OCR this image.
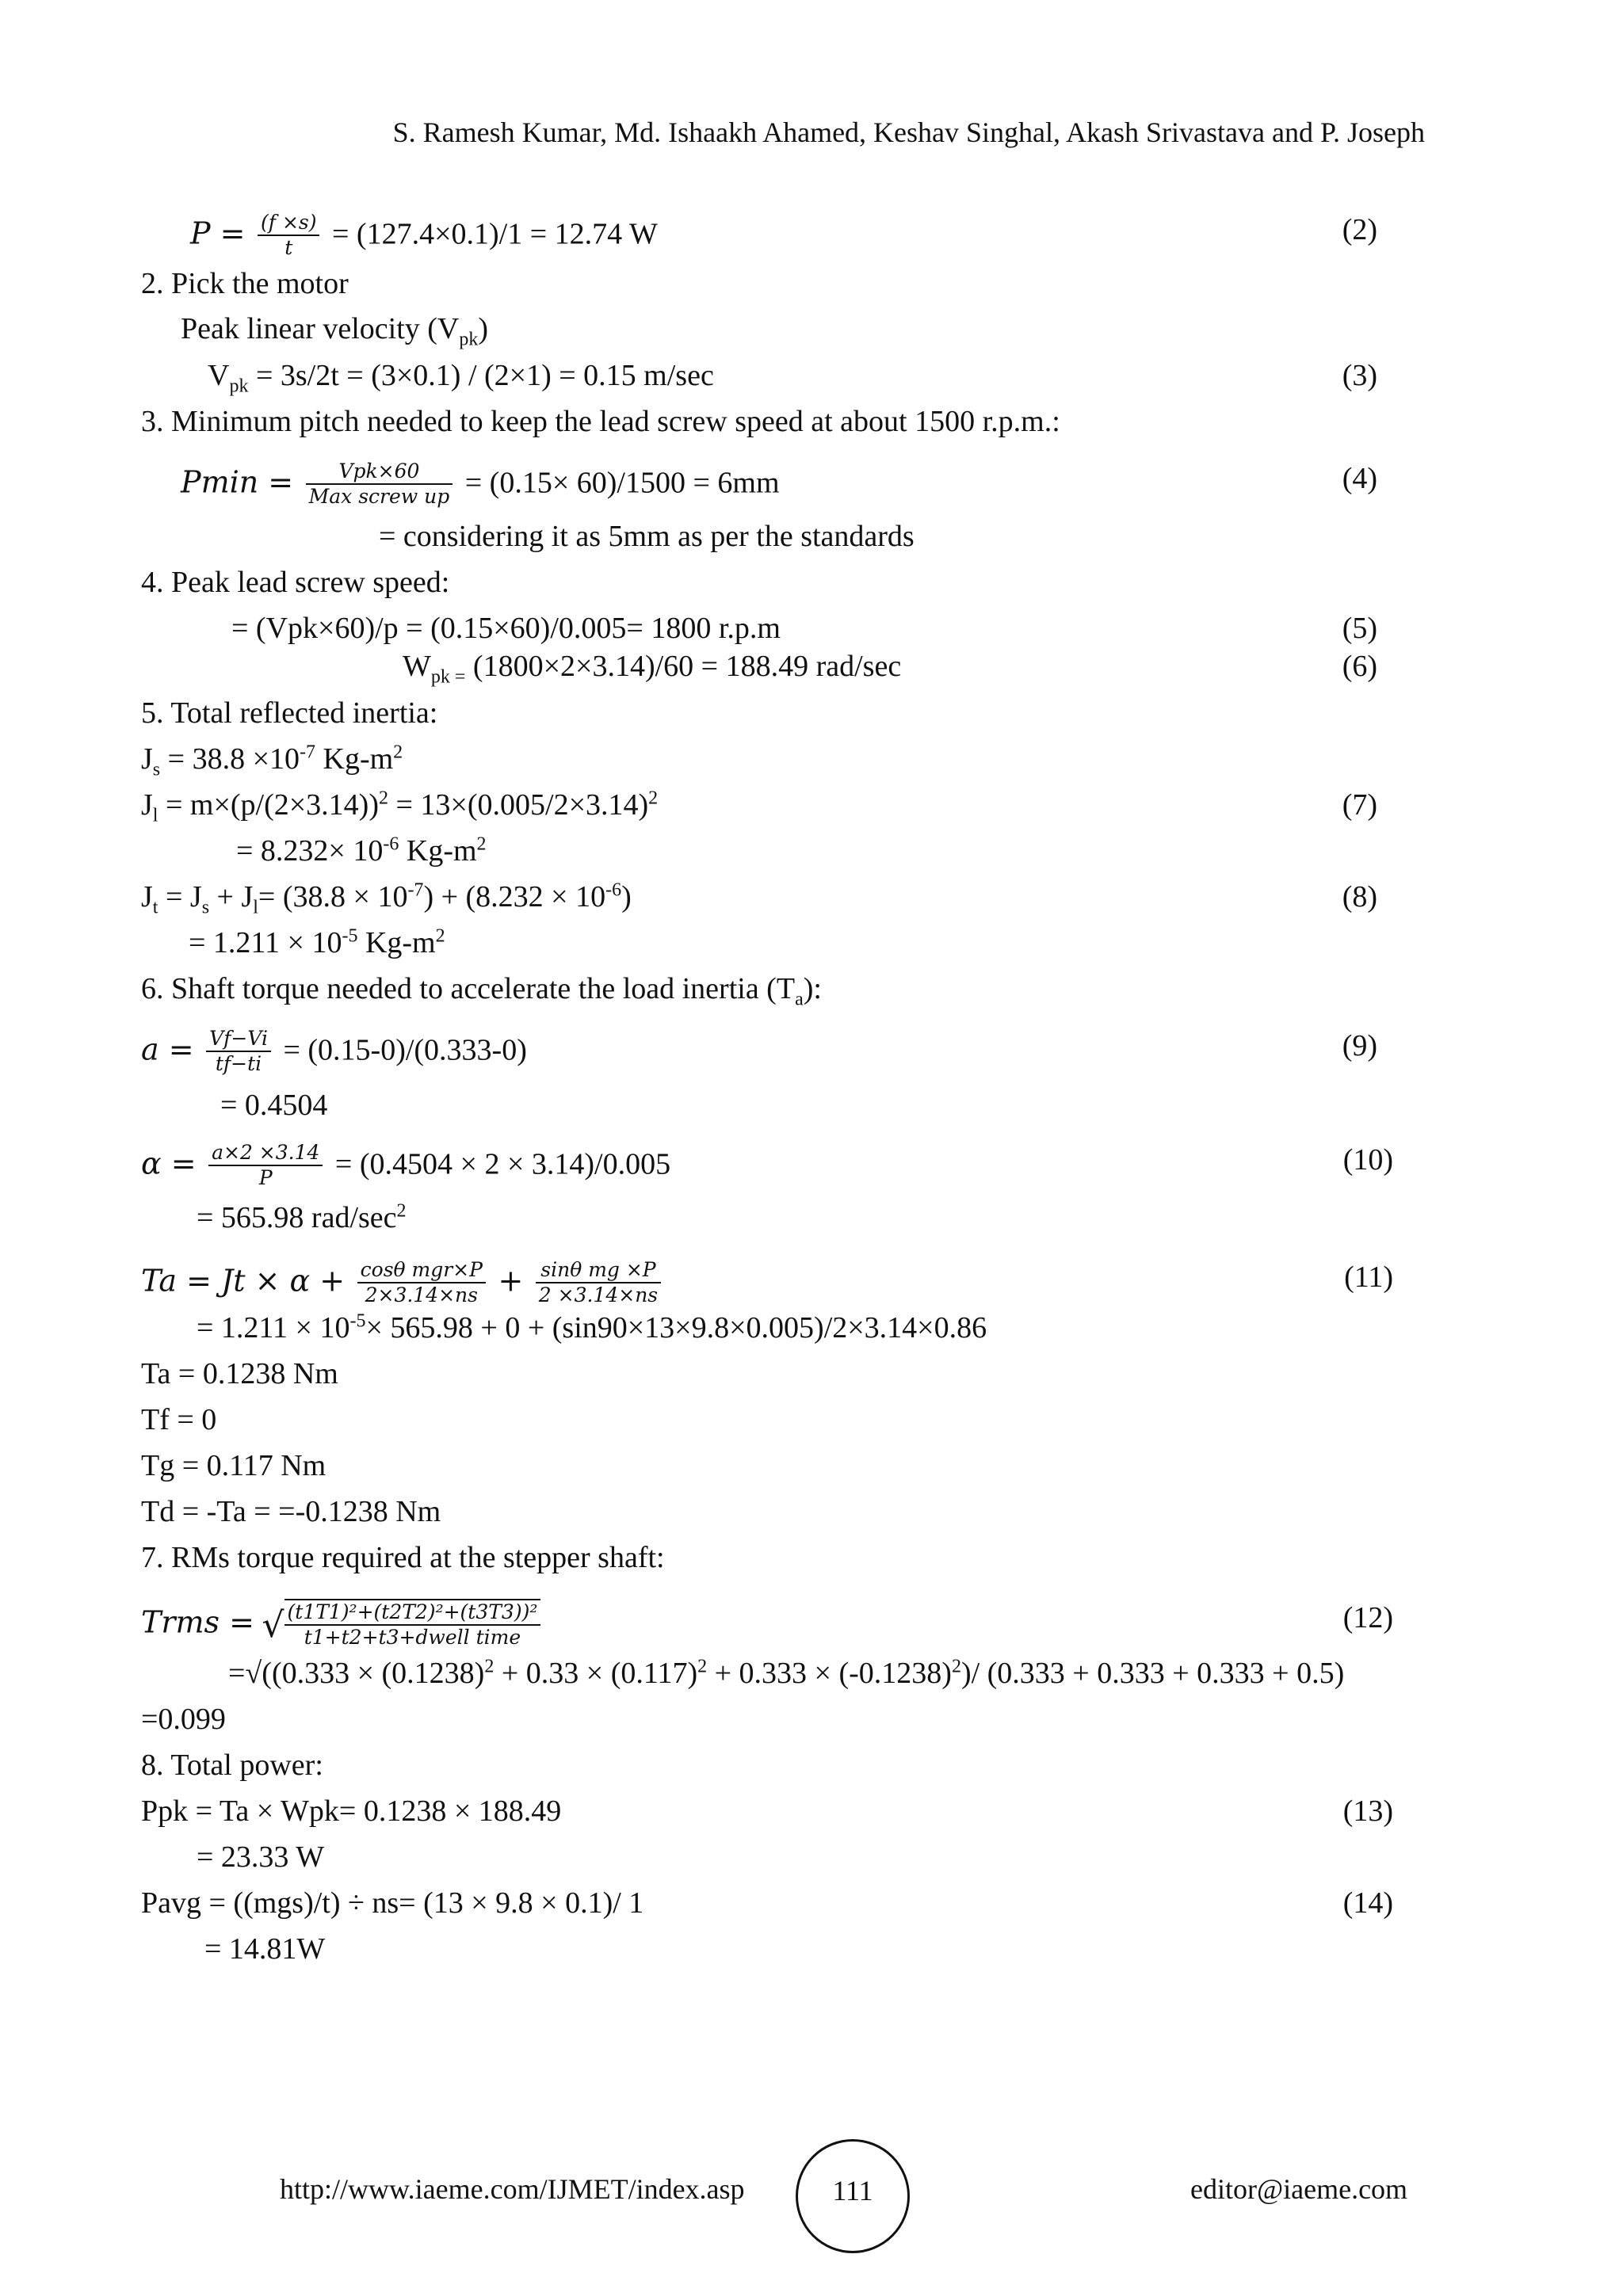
S. Ramesh Kumar, Md. Ishaakh Ahamed, Keshav Singhal, Akash Srivastava and P. Joseph
$P = \frac{(f \times s)}{t} = (127.4\times 0.1)/1 = 12.74$ W	(2)
2. Pick the motor
Peak linear velocity $(V_{pk})$
$V_{pk} = 3s/2t = (3\times 0.1) / (2\times 1) = 0.15$ m/sec	(3)
3. Minimum pitch needed to keep the lead screw speed at about 1500 r.p.m.:
$Pmin = \frac{\text{Vpk×60}}{\text{Max screw up}} = (0.15\times 60)/1500 = 6mm$	(4)
= considering it as 5mm as per the standards
4. Peak lead screw speed:
= (Vpk×60)/p = (0.15×60)/0.005= 1800 r.p.m	(5)
$W_{pk =}$ (1800×2×3.14)/60 = 188.49 rad/sec	(6)
5. Total reflected inertia:
$J_s = 38.8 \times 10^{-7}$ $Kg-m^2$
$J_l = m\times(p/(2\times 3.14))^2 = 13\times(0.005/2\times 3.14)^2$	(7)
= $8.232\times 10^{-6}$ $Kg-m^2$
$J_t = J_s + J_l= (38.8 \times 10^{-7}) + (8.232 \times 10^{-6})$	(8)
= $1.211 \times 10^{-5}$ $Kg-m^2$
6. Shaft torque needed to accelerate the load inertia $(T_a)$:
$a = \frac{Vf-Vi}{tf-ti} = (0.15-0)/(0.333-0)$	(9)
= 0.4504
$\alpha = \frac{a\times 2 \times 3.14}{P} = (0.4504 \times 2 \times 3.14)/0.005$	(10)
= 565.98 rad/$\sec^2$
$Ta = Jt \times \alpha + \frac{\text{cosθ mgr×P}}{2\times 3.14\times ns} + \frac{\text{sinθ mg ×P}}{2 \times 3.14\times ns}$	(11)
= $1.211 \times 10^{-5}\times 565.98 + 0 + (\sin 90\times 13\times 9.8\times 0.005)/2\times 3.14\times 0.86$
Ta = 0.1238 Nm
Tf = 0
Tg = 0.117 Nm
Td = -Ta = =-0.1238 Nm
7. RMs torque required at the stepper shaft:
Trms = √ $\frac{\text{(t1T1)²+(t2T2)²+(t3T3))²}}{\text{t1+t2+t3+dwell time}}$	(12)
$=√((0.333 \times (0.1238)^2 + 0.33 \times (0.117)^2 + 0.333 \times (-0.1238)^2)/$ (0.333 + 0.333 + 0.333 + 0.5)
=0.099
8. Total power:
Ppk = Ta × Wpk= 0.1238 × 188.49	(13)
= 23.33 W
Pavg = ((mgs)/t) ÷ ns= (13 × 9.8 × 0.1)/ 1	(14)
= 14.81W
http://www.iaeme.com/IJMET/index.asp	111	editor@iaeme.com
